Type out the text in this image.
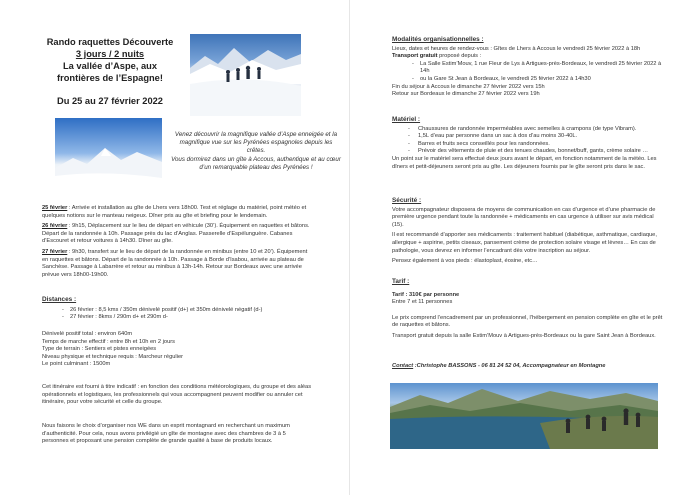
Rando raquettes Découverte
3 jours / 2 nuits
La vallée d’Aspe, aux
frontières de l’Espagne!
Du 25 au 27 février 2022
Venez découvrir la magnifique vallée d’Aspe enneigée et la magnifique vue sur les Pyrénées espagnoles depuis les crêtes.
Vous dormirez dans un gîte à Accous, authentique et au cœur d’un remarquable plateau des Pyrénées !

25 février : Arrivée et installation au gîte de Lhers vers 18h00. Test et réglage du matériel, point météo et quelques notions sur le manteau neigeux. Dîner pris au gîte et briefing pour le lendemain.

26 février : 9h15, Déplacement sur le lieu de départ en véhicule (30’). Équipement en raquettes et bâtons. Départ de la randonnée à 10h. Passage près du lac d’Anglas. Passerelle d’Espélunguère. Cabanes d’Escouret et retour voitures à 14h30. Dîner au gîte.

27 février : 9h30, transfert sur le lieu de départ de la randonnée en minibus (entre 10 et 20’). Équipement en raquettes et bâtons. Départ de la randonnée à 10h. Passage à Borde d’Isabou, arrivée au plateau de Sanchèse. Passage à Labarrère et retour au minibus à 13h-14h. Retour sur Bordeaux avec une arrivée prévue vers 18h00-19h00.

Distances :
- 26 février : 8,5 kms / 350m dénivelé positif (d+) et 350m dénivelé négatif (d-)
- 27 février : 8kms / 290m d+ et 290m d-
Dénivelé positif total : environ 640m
Temps de marche effectif : entre 8h et 10h en 2 jours
Type de terrain : Sentiers et pistes enneigées
Niveau physique et technique requis : Marcheur régulier
Le point culminant : 1500m
Cet itinéraire est fourni à titre indicatif : en fonction des conditions météorologiques, du groupe et des aléas opérationnels et logistiques, les professionnels qui vous accompagnent peuvent modifier ou annuler cet itinéraire, pour votre sécurité et celle du groupe.
Nous faisons le choix d’organiser nos WE dans un esprit montagnard en recherchant un maximum d’authenticité. Pour cela, nous avons privilégié un gîte de montagne avec des chambres de 3 à 5 personnes et proposant une pension complète de grande qualité à base de produits locaux.
Modalités organisationnelles :
Lieux, dates et heures de rendez-vous : Gîtes de Lhers à Accous le vendredi 25 février 2022 à 18h
Transport gratuit proposé depuis :
- La Salle Estim’Mouv, 1 rue Fleur de Lys à Artigues-près-Bordeaux, le vendredi 25 février 2022 à 14h
- ou la Gare St Jean à Bordeaux, le vendredi 25 février 2022 à 14h30
Fin du séjour à Accous le dimanche 27 février 2022 vers 15h
Retour sur Bordeaux le dimanche 27 février 2022 vers 19h
Matériel :
- Chaussures de randonnée imperméables avec semelles à crampons (de type Vibram).
- 1,5L d’eau par personne dans un sac à dos d’au moins 30-40L.
- Barres et fruits secs conseillés pour les randonnées.
- Prévoir des vêtements de pluie et des tenues chaudes, bonnet/buff, gants, crème solaire …
Un point sur le matériel sera effectué deux jours avant le départ, en fonction notamment de la météo. Les dîners et petit-déjeuners seront pris au gîte. Les déjeuners fournis par le gîte seront pris dans le sac.
Sécurité :

Votre accompagnateur disposera de moyens de communication en cas d’urgence et d’une pharmacie de première urgence pendant toute la randonnée + médicaments en cas urgence à utiliser sur avis médical (15).

Il est recommandé d’apporter ses médicaments : traitement habituel (diabétique, asthmatique, cardiaque, allergique + aspirine, petits ciseaux, pansement crème de protection solaire visage et lèvres… En cas de pathologie, vous devrez en informer l’encadrant dès votre inscription au séjour.

Pensez également à vos pieds : élastoplast, éosine, etc…

Tarif :
Tarif : 310€ par personne
Entre 7 et 11 personnes

Le prix comprend l’encadrement par un professionnel, l’hébergement en pension complète en gîte et le prêt de raquettes et bâtons.

Transport gratuit depuis la salle Estim’Mouv à Artigues-près-Bordeaux ou la gare Saint Jean à Bordeaux.

Contact :Christophe BASSONS - 06 81 24 52 04, Accompagnateur en Montagne
